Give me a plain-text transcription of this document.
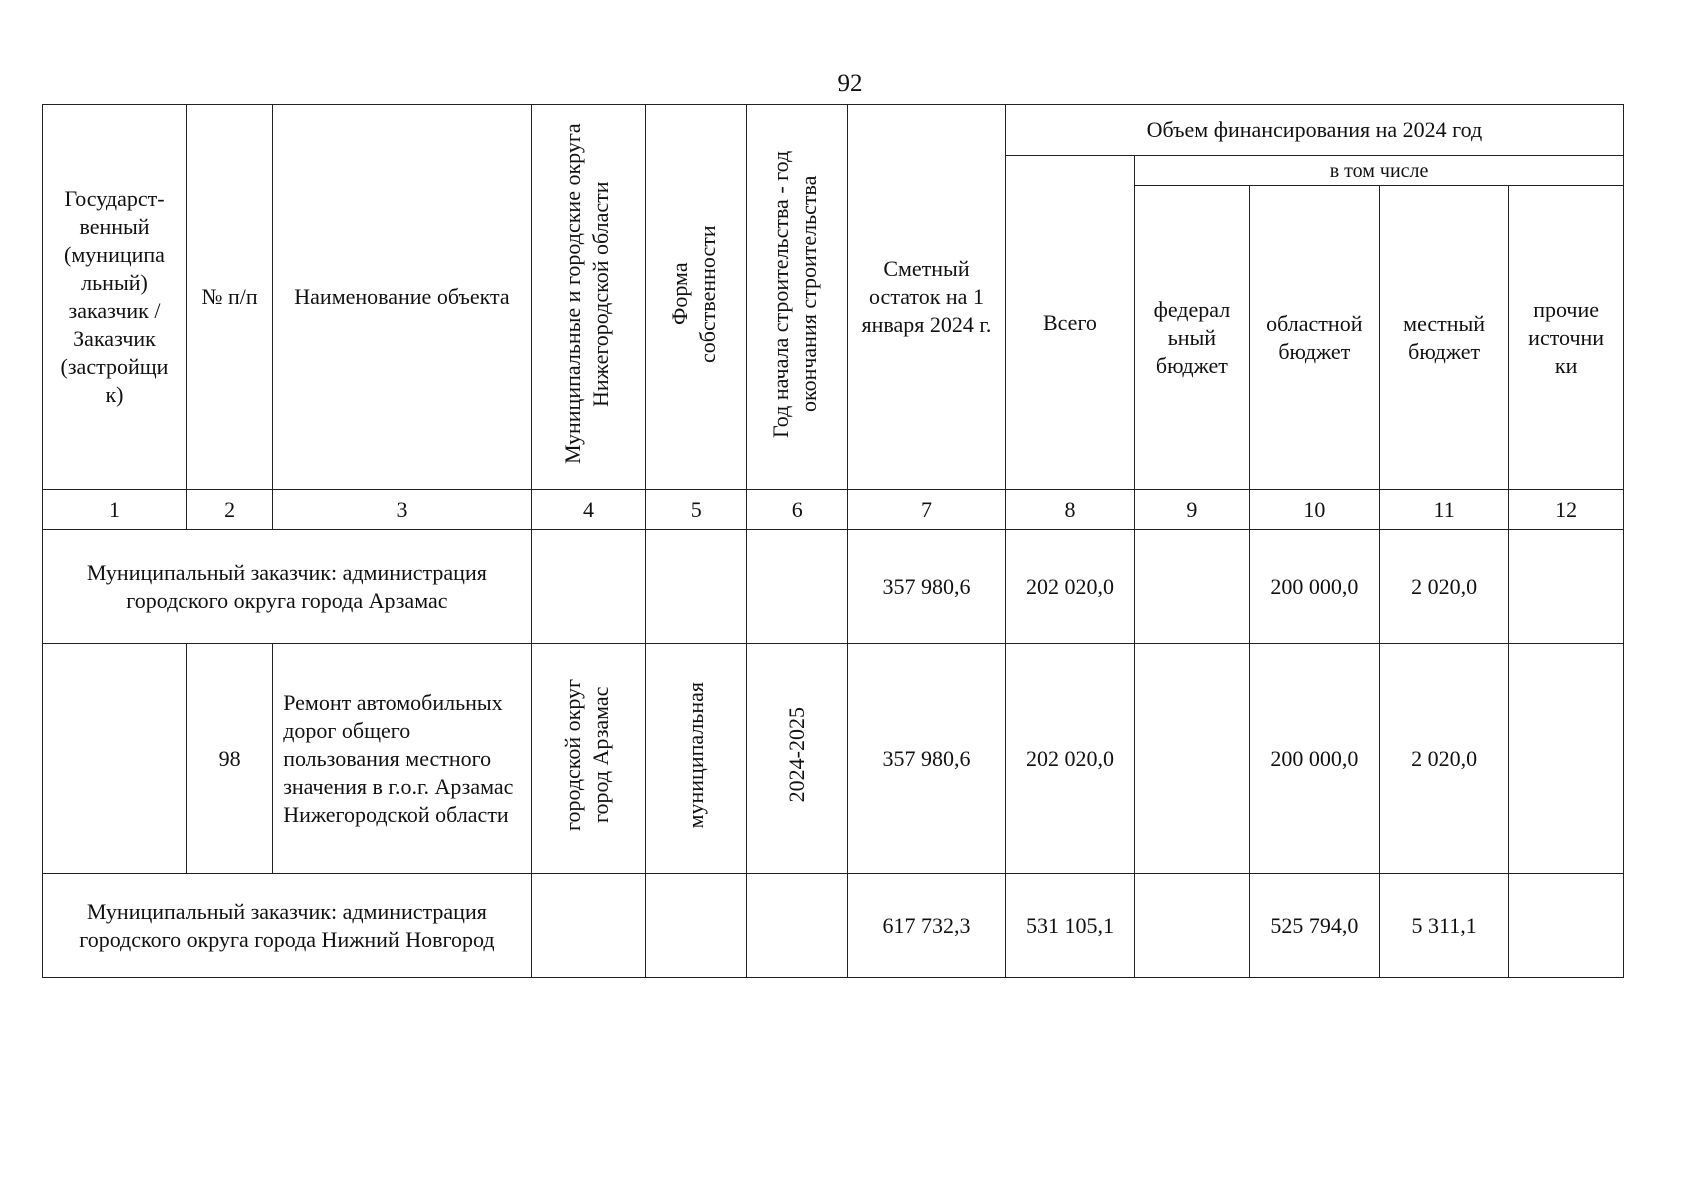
92
Государст-венный (муниципа льный) заказчик / Заказчик (застройщи к)	№ п/п	Наименование объекта	Муниципальные и городские округа Нижегородской области	Форма собственности	Год начала строительства - год окончания строительства	Сметный остаток на 1 января 2024 г.	Объем финансирования на 2024 год				
							Всего	в том числе			
								федерал ьный бюджет	областной бюджет	местный бюджет	прочие источни ки
1	2	3	4	5	6	7	8	9	10	11	12
Муниципальный заказчик: администрация городского округа города Арзамас						357 980,6	202 020,0		200 000,0	2 020,0	
	98	Ремонт автомобильных дорог общего пользования местного значения в г.о.г. Арзамас Нижегородской области	городской округ город Арзамас	муниципальная	2024-2025	357 980,6	202 020,0		200 000,0	2 020,0	
Муниципальный заказчик: администрация городского округа города Нижний Новгород						617 732,3	531 105,1		525 794,0	5 311,1	
